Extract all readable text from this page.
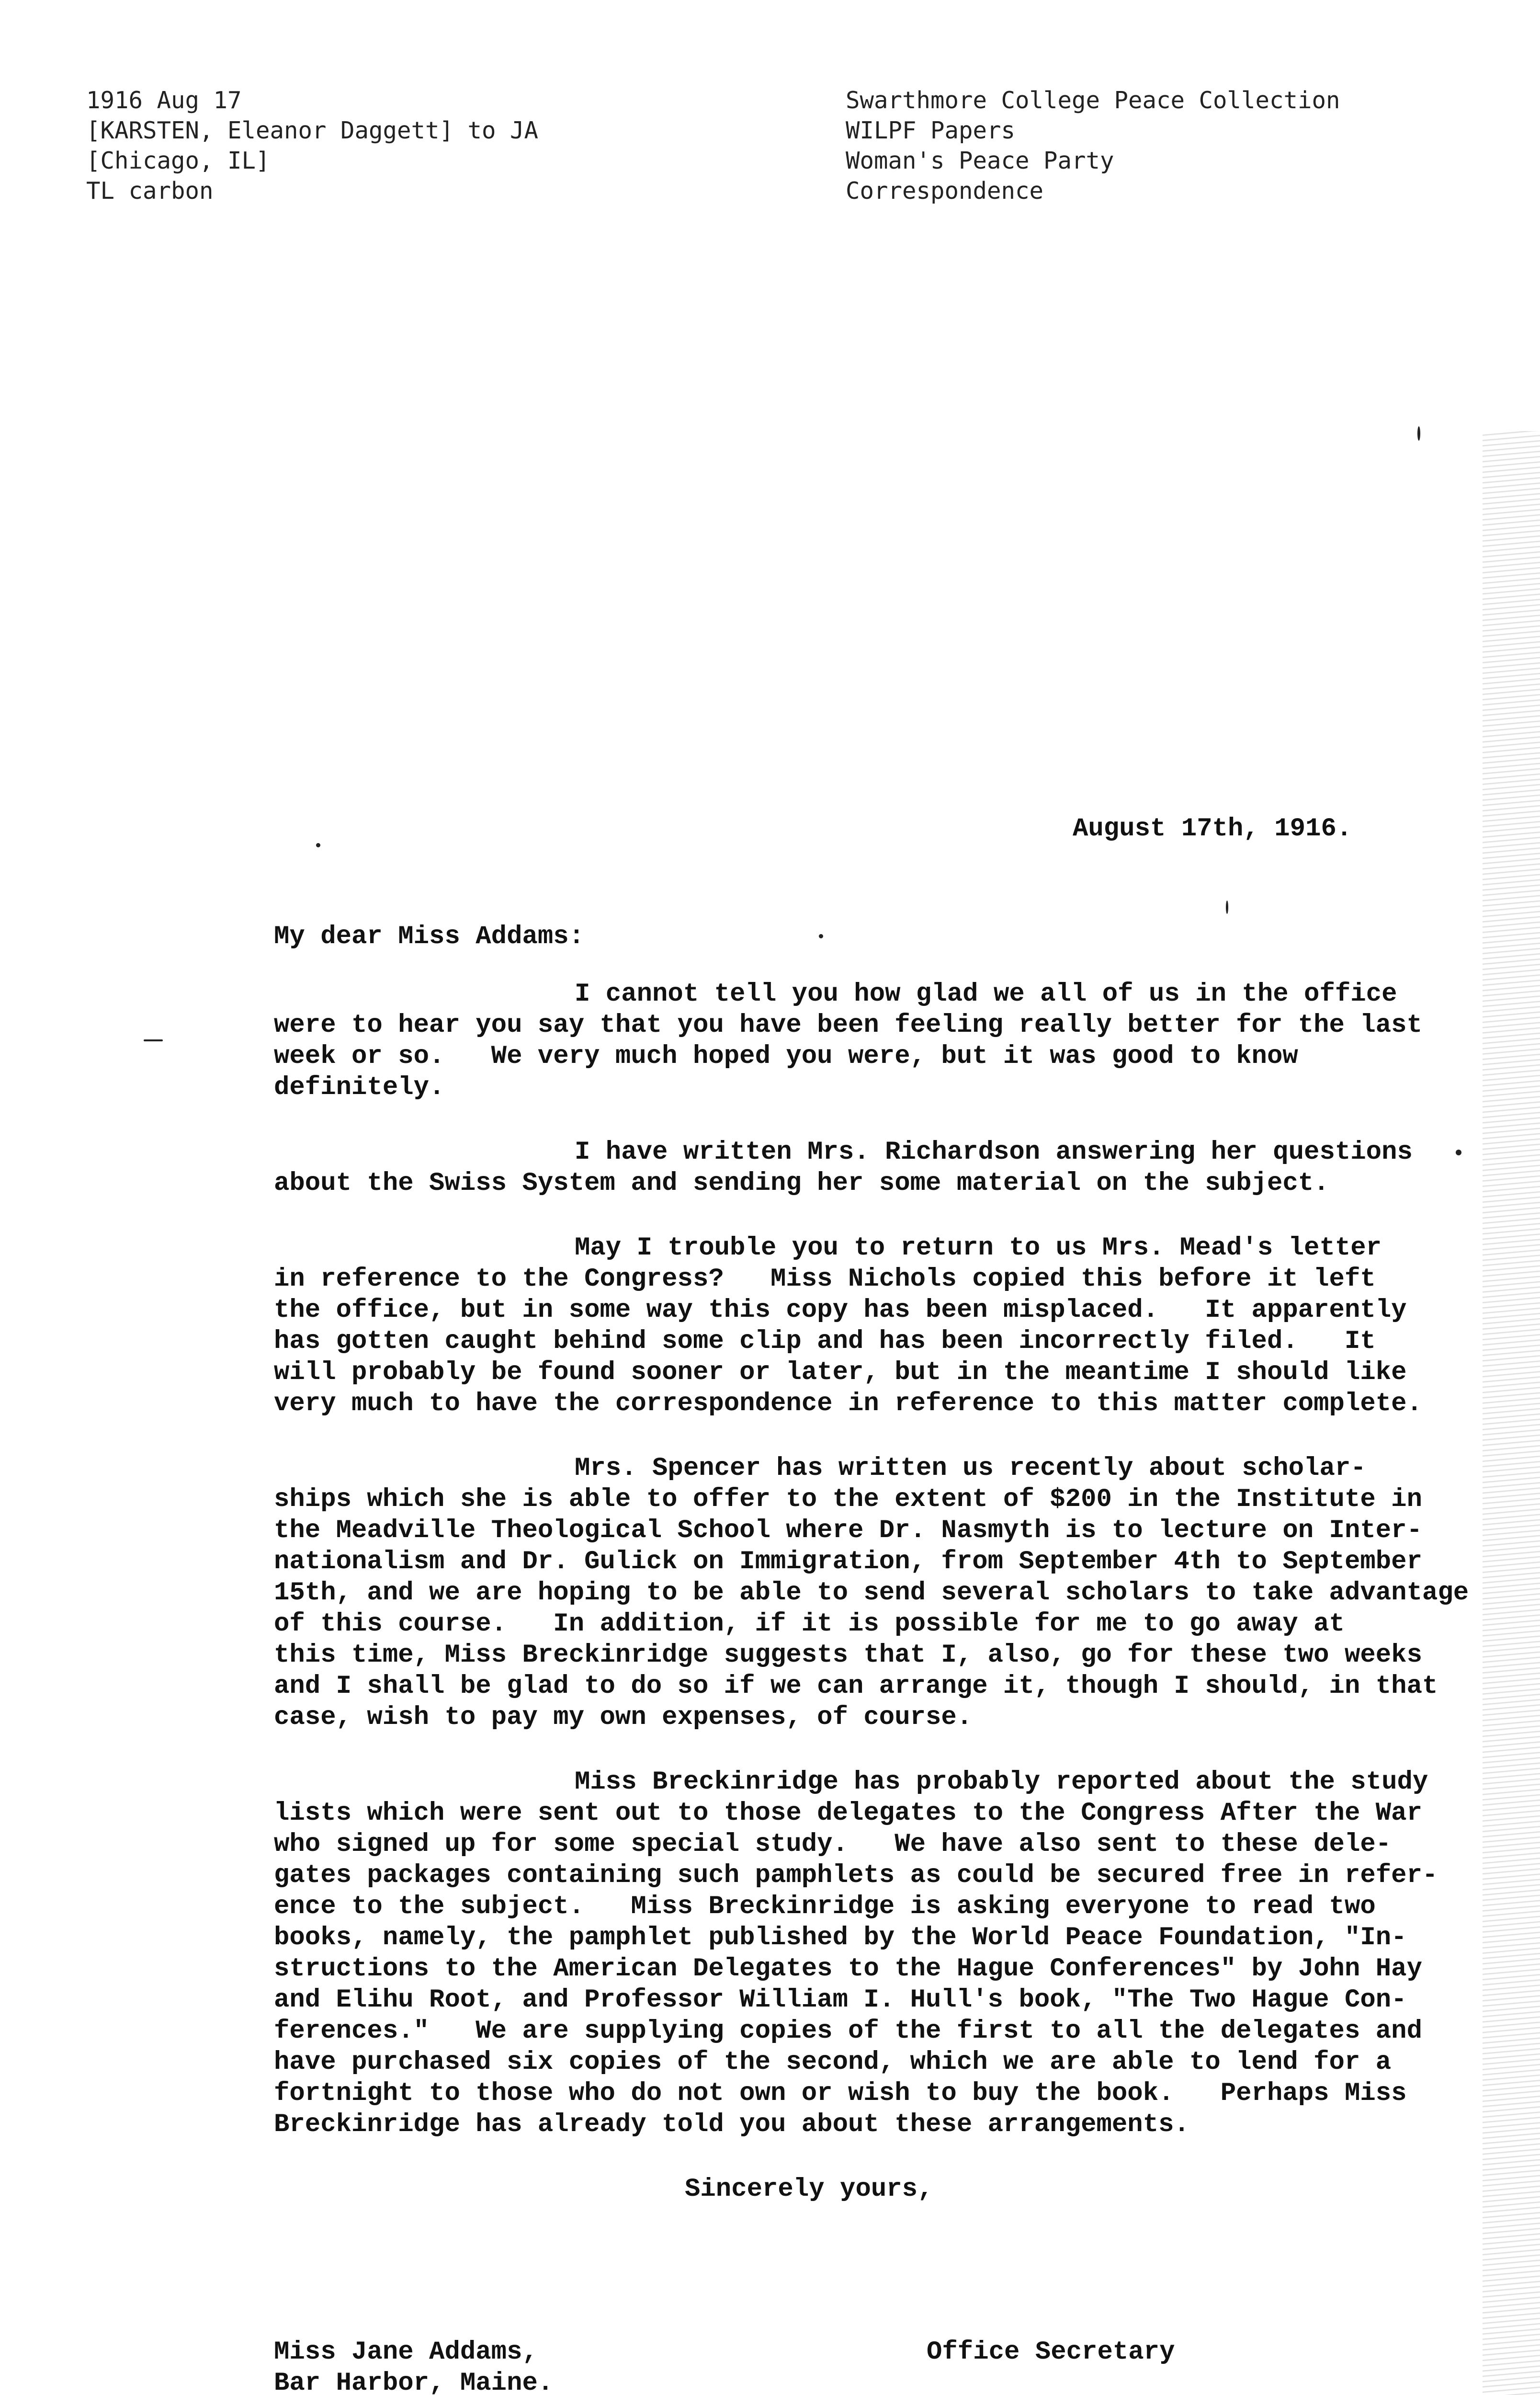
1916 Aug 17
[KARSTEN, Eleanor Daggett] to JA
[Chicago, IL]
TL carbon
Swarthmore College Peace Collection
WILPF Papers
Woman's Peace Party
Correspondence

August 17th, 1916.

My dear Miss Addams:

I cannot tell you how glad we all of us in the office

were to hear you say that you have been feeling really better for the last

week or so.   We very much hoped you were, but it was good to know

definitely.

I have written Mrs. Richardson answering her questions

about the Swiss System and sending her some material on the subject.

May I trouble you to return to us Mrs. Mead's letter

in reference to the Congress?   Miss Nichols copied this before it left

the office, but in some way this copy has been misplaced.   It apparently

has gotten caught behind some clip and has been incorrectly filed.   It

will probably be found sooner or later, but in the meantime I should like

very much to have the correspondence in reference to this matter complete.

Mrs. Spencer has written us recently about scholar-

ships which she is able to offer to the extent of $200 in the Institute in

the Meadville Theological School where Dr. Nasmyth is to lecture on Inter-

nationalism and Dr. Gulick on Immigration, from September 4th to September

15th, and we are hoping to be able to send several scholars to take advantage

of this course.   In addition, if it is possible for me to go away at

this time, Miss Breckinridge suggests that I, also, go for these two weeks

and I shall be glad to do so if we can arrange it, though I should, in that

case, wish to pay my own expenses, of course.

Miss Breckinridge has probably reported about the study

lists which were sent out to those delegates to the Congress After the War

who signed up for some special study.   We have also sent to these dele-

gates packages containing such pamphlets as could be secured free in refer-

ence to the subject.   Miss Breckinridge is asking everyone to read two

books, namely, the pamphlet published by the World Peace Foundation, "In-

structions to the American Delegates to the Hague Conferences" by John Hay

and Elihu Root, and Professor William I. Hull's book, "The Two Hague Con-

ferences."   We are supplying copies of the first to all the delegates and

have purchased six copies of the second, which we are able to lend for a

fortnight to those who do not own or wish to buy the book.   Perhaps Miss

Breckinridge has already told you about these arrangements.

Sincerely yours,

Miss Jane Addams,

Bar Harbor, Maine.

Office Secretary
